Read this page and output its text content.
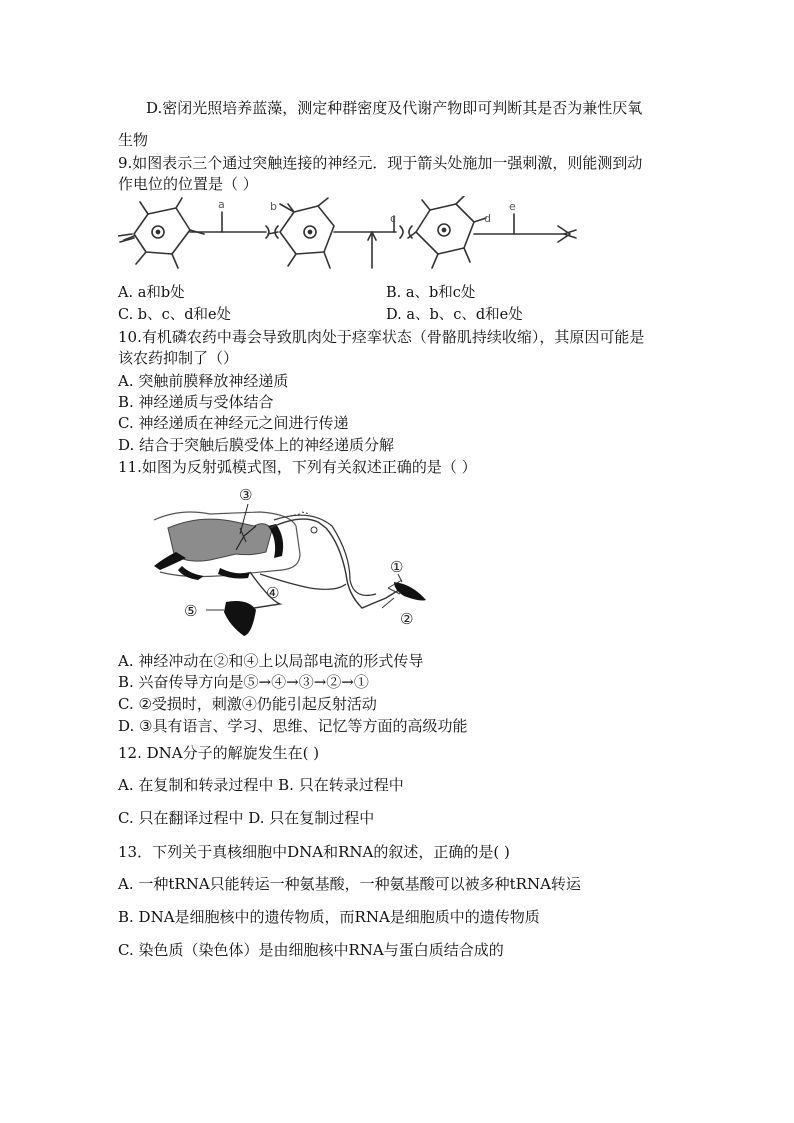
D.密闭光照培养蓝藻，测定种群密度及代谢产物即可判断其是否为兼性厌氧
生物
9.如图表示三个通过突触连接的神经元．现于箭头处施加一强刺激，则能测到动
作电位的位置是（ ）
a	b
c	d
e
A. a和b处	B. a、b和c处
C. b、c、d和e处	D. a、b、c、d和e处
10.有机磷农药中毒会导致肌肉处于痉挛状态（骨骼肌持续收缩），其原因可能是
该农药抑制了（）
A. 突触前膜释放神经递质
B. 神经递质与受体结合
C. 神经递质在神经元之间进行传递
D. 结合于突触后膜受体上的神经递质分解
11.如图为反射弧模式图，下列有关叙述正确的是（ ）
③
①
④
⑤	②
A. 神经冲动在②和④上以局部电流的形式传导
B. 兴奋传导方向是⑤→④→③→②→①
C. ②受损时，刺激④仍能引起反射活动
D. ③具有语言、学习、思维、记忆等方面的高级功能
12. DNA分子的解旋发生在( )
A. 在复制和转录过程中 B. 只在转录过程中
C. 只在翻译过程中 D. 只在复制过程中
13．下列关于真核细胞中DNA和RNA的叙述，正确的是( )
A. 一种tRNA只能转运一种氨基酸，一种氨基酸可以被多种tRNA转运
B. DNA是细胞核中的遗传物质，而RNA是细胞质中的遗传物质
C. 染色质（染色体）是由细胞核中RNA与蛋白质结合成的
